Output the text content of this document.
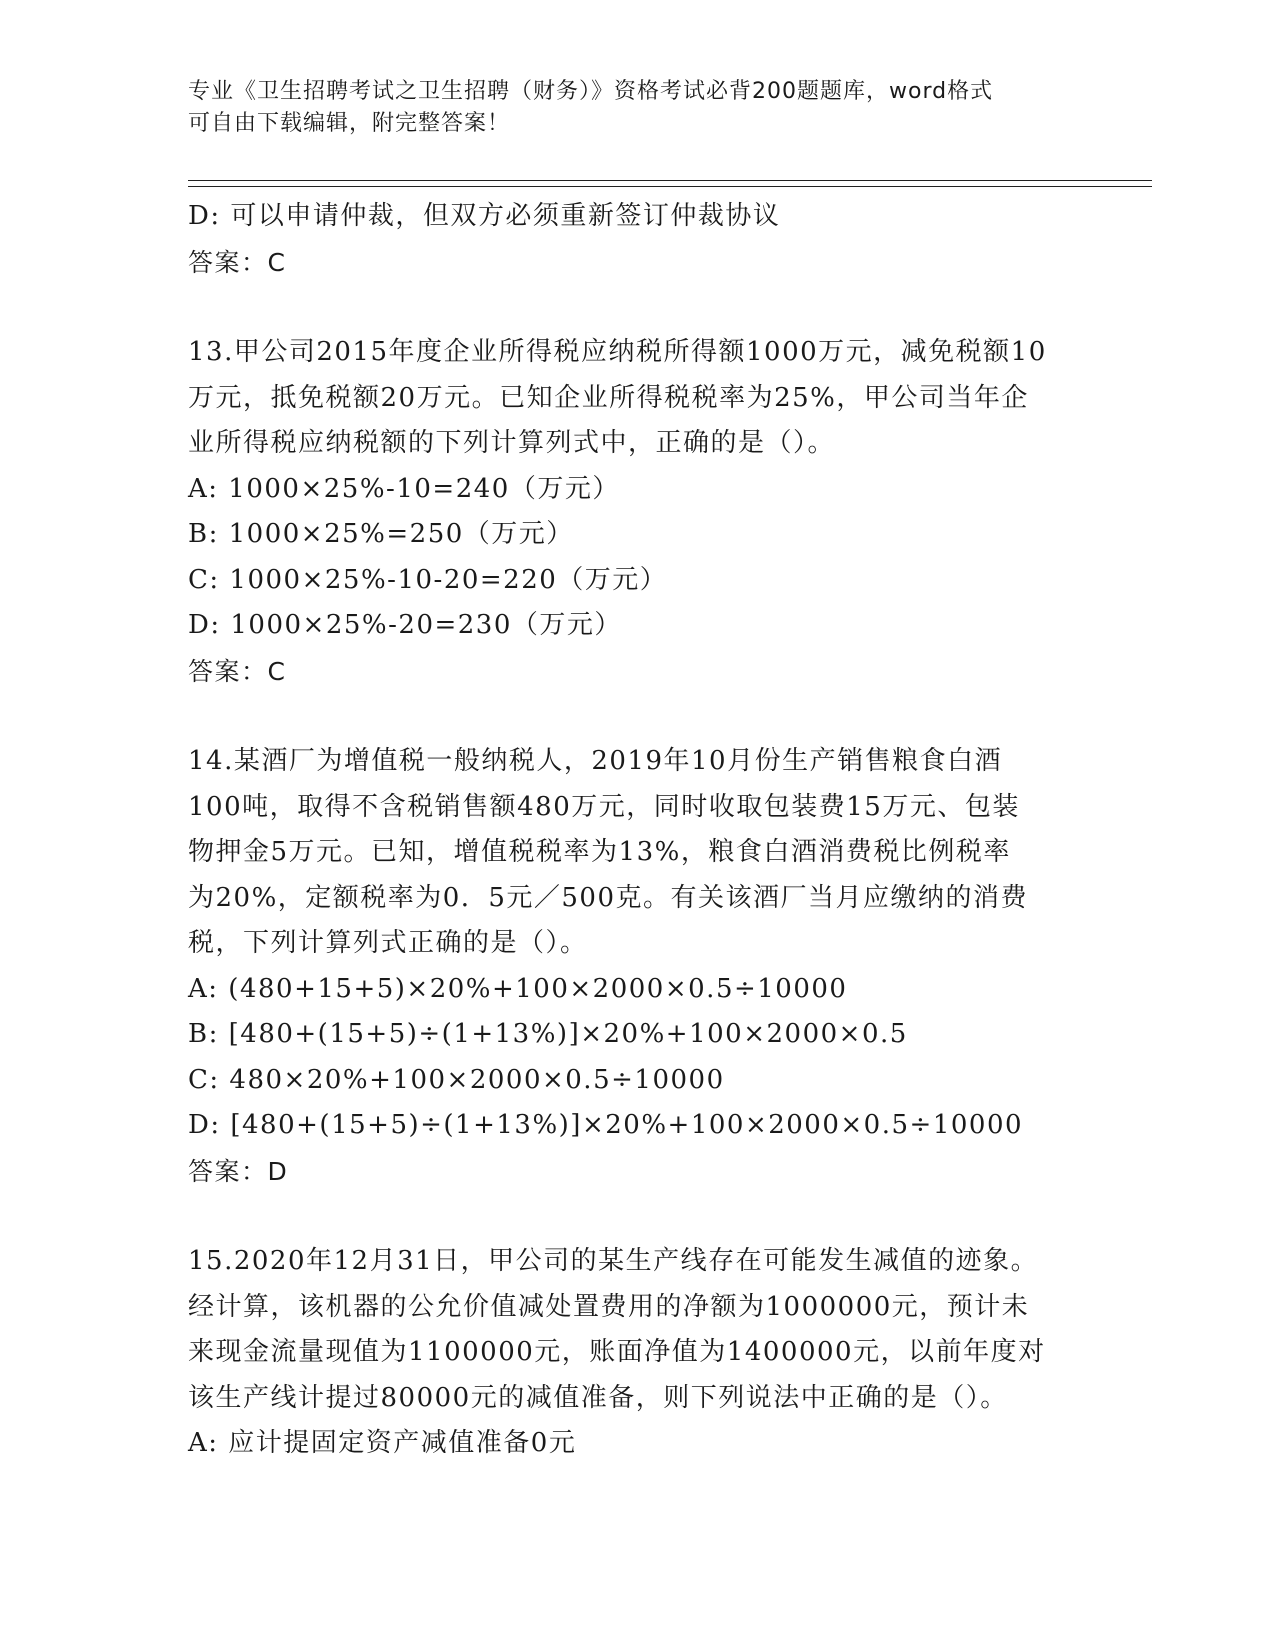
专业《卫生招聘考试之卫生招聘（财务）》资格考试必背200题题库，word格式
可自由下载编辑，附完整答案！
D: 可以申请仲裁，但双方必须重新签订仲裁协议
答案：C
13.甲公司2015年度企业所得税应纳税所得额1000万元，减免税额10
万元，抵免税额20万元。已知企业所得税税率为25%，甲公司当年企
业所得税应纳税额的下列计算列式中，正确的是（）。
A: 1000×25%-10=240（万元）
B: 1000×25%=250（万元）
C: 1000×25%-10-20=220（万元）
D: 1000×25%-20=230（万元）
答案：C
14.某酒厂为增值税一般纳税人，2019年10月份生产销售粮食白酒
100吨，取得不含税销售额480万元，同时收取包装费15万元、包装
物押金5万元。已知，增值税税率为13%，粮食白酒消费税比例税率
为20%，定额税率为0．5元／500克。有关该酒厂当月应缴纳的消费
税，下列计算列式正确的是（）。
A: (480+15+5)×20%+100×2000×0.5÷10000
B: [480+(15+5)÷(1+13%)]×20%+100×2000×0.5
C: 480×20%+100×2000×0.5÷10000
D: [480+(15+5)÷(1+13%)]×20%+100×2000×0.5÷10000
答案：D
15.2020年12月31日，甲公司的某生产线存在可能发生减值的迹象。
经计算，该机器的公允价值减处置费用的净额为1000000元，预计未
来现金流量现值为1100000元，账面净值为1400000元，以前年度对
该生产线计提过80000元的减值准备，则下列说法中正确的是（）。
A: 应计提固定资产减值准备0元
